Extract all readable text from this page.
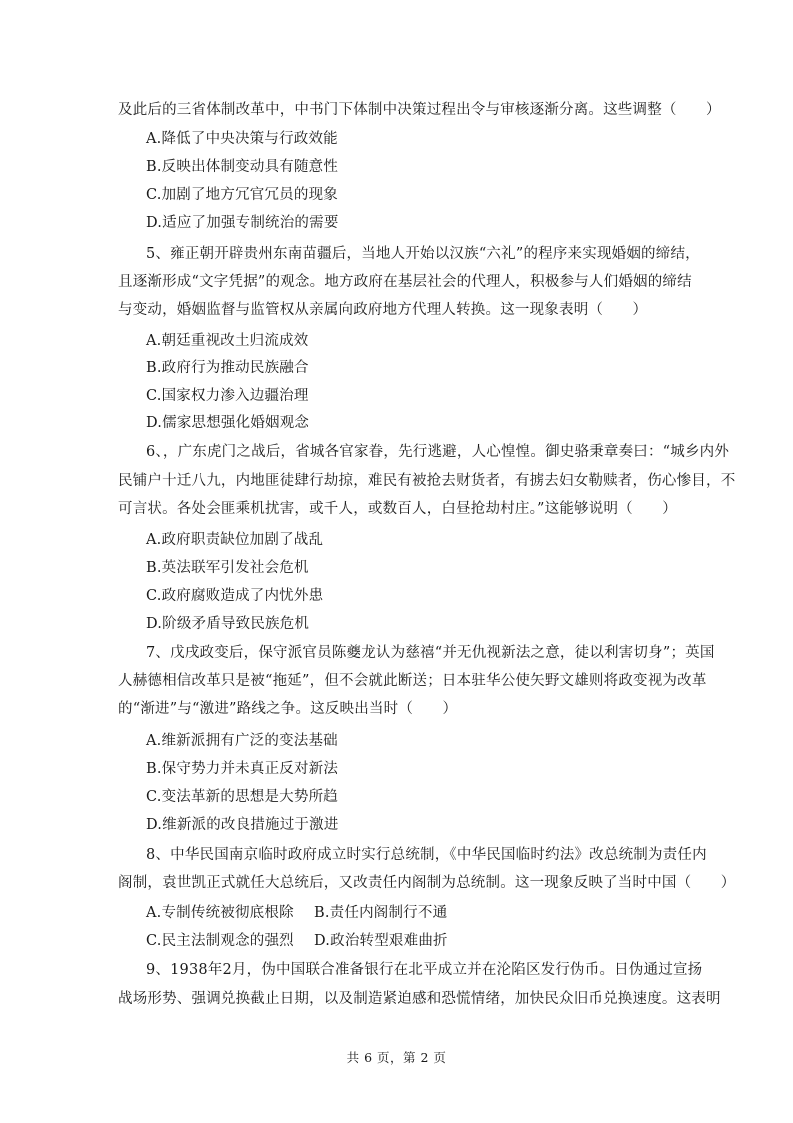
及此后的三省体制改革中，中书门下体制中决策过程出令与审核逐渐分离。这些调整（　　）
A.降低了中央决策与行政效能
B.反映出体制变动具有随意性
C.加剧了地方冗官冗员的现象
D.适应了加强专制统治的需要
5、雍正朝开辟贵州东南苗疆后，当地人开始以汉族“六礼”的程序来实现婚姻的缔结，
且逐渐形成“文字凭据”的观念。地方政府在基层社会的代理人，积极参与人们婚姻的缔结
与变动，婚姻监督与监管权从亲属向政府地方代理人转换。这一现象表明（　　）
A.朝廷重视改土归流成效
B.政府行为推动民族融合
C.国家权力渗入边疆治理
D.儒家思想强化婚姻观念
6、，广东虎门之战后，省城各官家眷，先行逃避，人心惶惶。御史骆秉章奏曰：“城乡内外
民铺户十迁八九，内地匪徒肆行劫掠，难民有被抢去财货者，有掳去妇女勒赎者，伤心惨目，不
可言状。各处会匪乘机扰害，或千人，或数百人，白昼抢劫村庄。”这能够说明（　　）
A.政府职责缺位加剧了战乱
B.英法联军引发社会危机
C.政府腐败造成了内忧外患
D.阶级矛盾导致民族危机
7、戊戌政变后，保守派官员陈夔龙认为慈禧“并无仇视新法之意，徒以利害切身”；英国
人赫德相信改革只是被“拖延”，但不会就此断送；日本驻华公使矢野文雄则将政变视为改革
的“渐进”与“激进”路线之争。这反映出当时（　　）
A.维新派拥有广泛的变法基础
B.保守势力并未真正反对新法
C.变法革新的思想是大势所趋
D.维新派的改良措施过于激进
8、中华民国南京临时政府成立时实行总统制，《中华民国临时约法》改总统制为责任内
阁制，袁世凯正式就任大总统后，又改责任内阁制为总统制。这一现象反映了当时中国（　　）
A.专制传统被彻底根除 B.责任内阁制行不通
C.民主法制观念的强烈 D.政治转型艰难曲折
9、1938年2月，伪中国联合准备银行在北平成立并在沦陷区发行伪币。日伪通过宣扬
战场形势、强调兑换截止日期，以及制造紧迫感和恐慌情绪，加快民众旧币兑换速度。这表明
共 6 页，第 2 页
